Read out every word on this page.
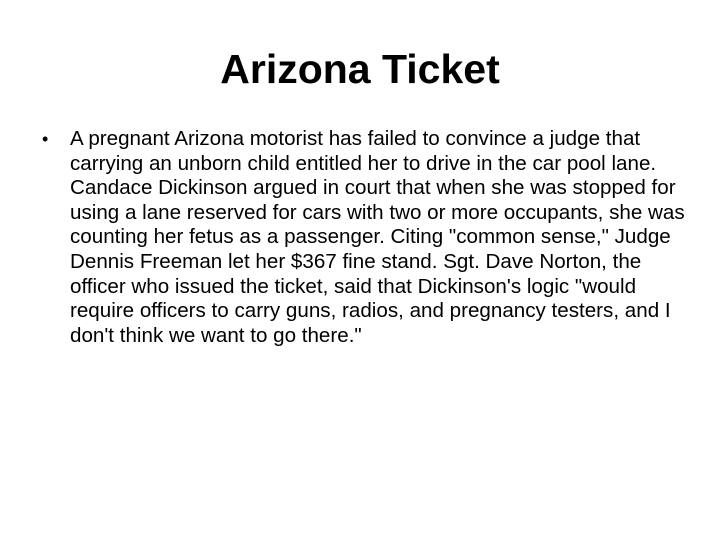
Arizona Ticket
• A pregnant Arizona motorist has failed to convince a judge that carrying an unborn child entitled her to drive in the car pool lane. Candace Dickinson argued in court that when she was stopped for using a lane reserved for cars with two or more occupants, she was counting her fetus as a passenger. Citing "common sense," Judge Dennis Freeman let her $367 fine stand. Sgt. Dave Norton, the officer who issued the ticket, said that Dickinson's logic "would require officers to carry guns, radios, and pregnancy testers, and I don't think we want to go there."
